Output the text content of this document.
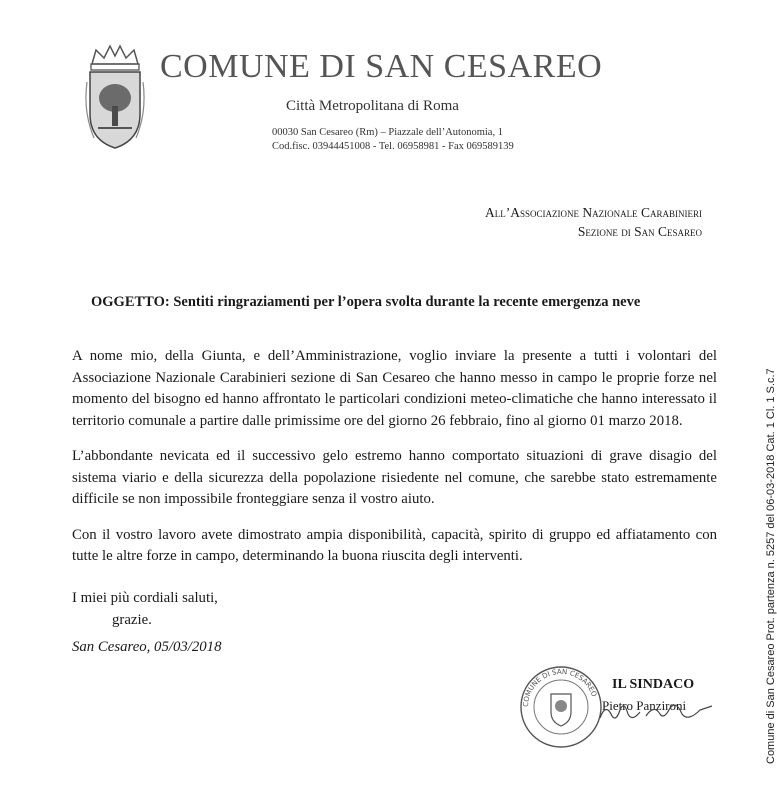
COMUNE DI SAN CESAREO
Città Metropolitana di Roma
00030 San Cesareo (Rm) – Piazzale dell’Autonomia, 1
Cod.fisc. 03944451008 - Tel. 06958981 - Fax 069589139
All’Associazione Nazionale Carabinieri
Sezione di San Cesareo
OGGETTO: Sentiti ringraziamenti per l’opera svolta durante la recente emergenza neve

A nome mio, della Giunta, e dell’Amministrazione, voglio inviare la presente a tutti i volontari del Associazione Nazionale Carabinieri sezione di San Cesareo che hanno messo in campo le proprie forze nel momento del bisogno ed hanno affrontato le particolari condizioni meteo-climatiche che hanno interessato il territorio comunale a partire dalle primissime ore del giorno 26 febbraio, fino al giorno 01 marzo 2018.

L’abbondante nevicata ed il successivo gelo estremo hanno comportato situazioni di grave disagio del sistema viario e della sicurezza della popolazione risiedente nel comune, che sarebbe stato estremamente difficile se non impossibile fronteggiare senza il vostro aiuto.

Con il vostro lavoro avete dimostrato ampia disponibilità, capacità, spirito di gruppo ed affiatamento con tutte le altre forze in campo, determinando la buona riuscita degli interventi.

I miei più cordiali saluti,
grazie.
San Cesareo, 05/03/2018
COMUNE DI SAN CESAREO
IL SINDACO
Pietro Panzironi	Comune di San Cesareo Prot. partenza n. 5257 del 06-03-2018 Cat. 1 Cl. 1 S.c.7
